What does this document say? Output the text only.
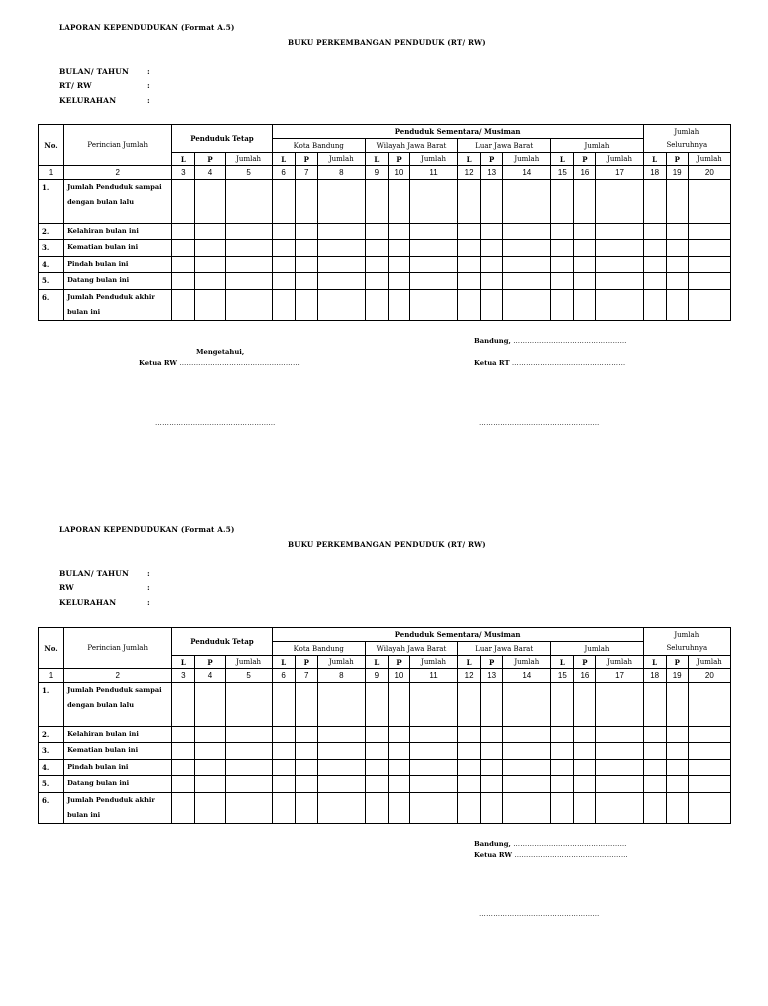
LAPORAN KEPENDUDUKAN (Format A.5)
BUKU PERKEMBANGAN PENDUDUK (RT/ RW)
BULAN/ TAHUN :
RT/ RW	:
KELURAHAN	:
No.	Perincian Jumlah	Penduduk Tetap			Penduduk Sementara/ Musiman												Jumlah		
					Kota Bandung			Wilayah Jawa Barat			Luar Jawa Barat			Jumlah			Seluruhnya		
		L	P	Jumlah	L	P	Jumlah	L	P	Jumlah	L	P	Jumlah	L	P	Jumlah	L	P	Jumlah
1	2	3	4	5	6	7	8	9	10	11	12	13	14	15	16	17	18	19	20
1.	Jumlah Penduduk sampai dengan bulan lalu																		
2.	Kelahiran bulan ini																		
3.	Kematian bulan ini																		
4.	Pindah bulan ini																		
5.	Datang bulan ini																		
6.	Jumlah Penduduk akhir bulan ini																		
Bandung, …………………………………………
Mengetahui,
Ketua RW ……………………………………………	Ketua RT …………………………………………
……………………………………………	……………………………………………
LAPORAN KEPENDUDUKAN (Format A.5)
BUKU PERKEMBANGAN PENDUDUK (RT/ RW)
BULAN/ TAHUN :
RW	:
KELURAHAN	:
No.	Perincian Jumlah	Penduduk Tetap			Penduduk Sementara/ Musiman												Jumlah		
					Kota Bandung			Wilayah Jawa Barat			Luar Jawa Barat			Jumlah			Seluruhnya		
		L	P	Jumlah	L	P	Jumlah	L	P	Jumlah	L	P	Jumlah	L	P	Jumlah	L	P	Jumlah
1	2	3	4	5	6	7	8	9	10	11	12	13	14	15	16	17	18	19	20
1.	Jumlah Penduduk sampai dengan bulan lalu																		
2.	Kelahiran bulan ini																		
3.	Kematian bulan ini																		
4.	Pindah bulan ini																		
5.	Datang bulan ini																		
6.	Jumlah Penduduk akhir bulan ini																		
Bandung, …………………………………………
Ketua RW …………………………………………
……………………………………………
